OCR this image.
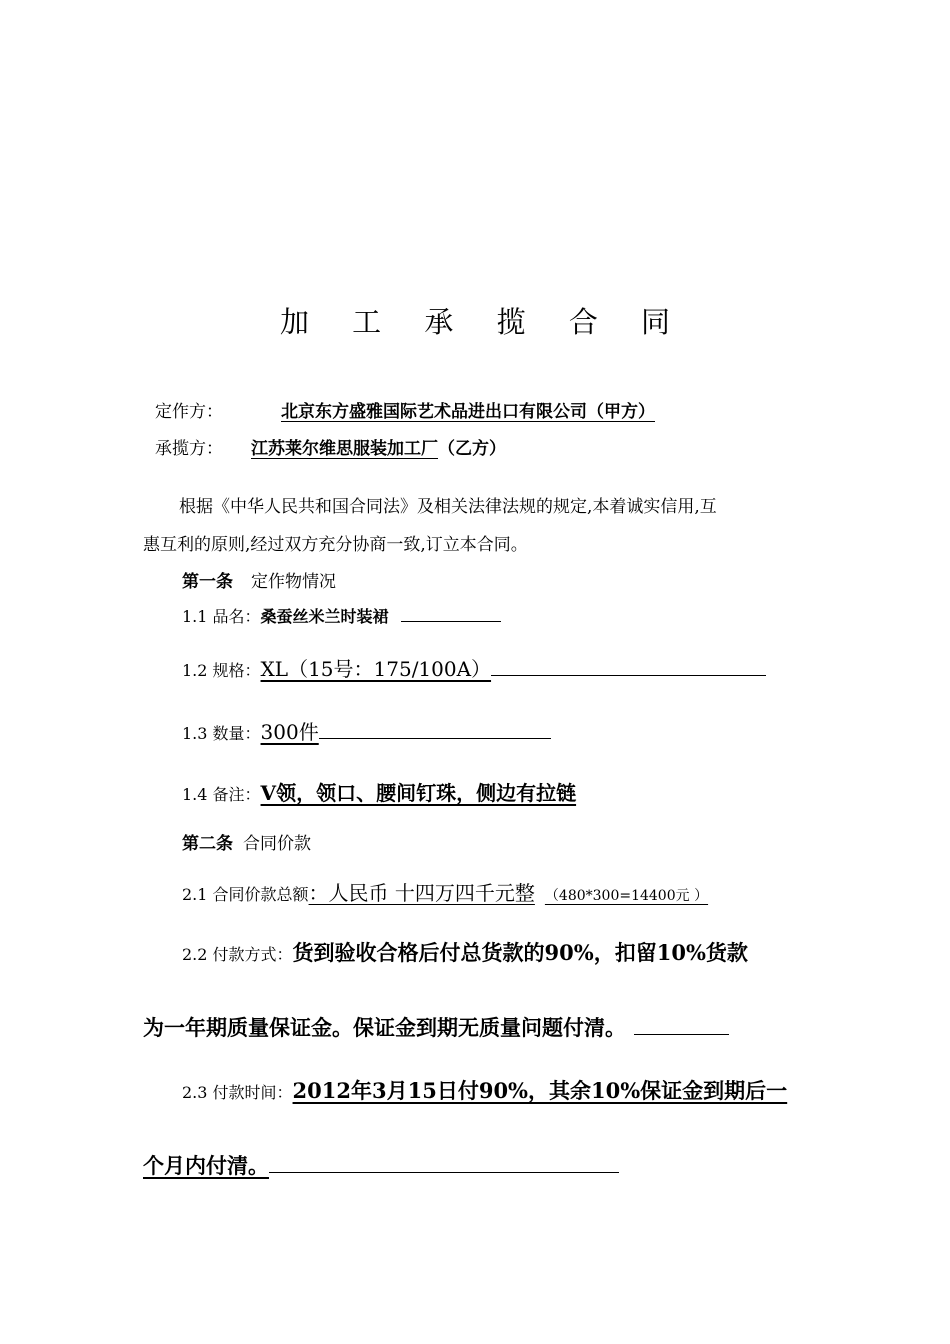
加 工 承 揽 合 同
定作方：	北京东方盛雅国际艺术品进出口有限公司（甲方）
承揽方： 江苏莱尔维思服装加工厂（乙方）
根据《中华人民共和国合同法》及相关法律法规的规定,本着诚实信用,互
惠互利的原则,经过双方充分协商一致,订立本合同。
第一条 定作物情况
1.1 品名：桑蚕丝米兰时装裙
1.2 规格：XL（15号：175/100A）
1.3 数量：300件
1.4 备注：V领，领口、腰间钉珠，侧边有拉链
第二条 合同价款
2.1 合同价款总额：人民币 十四万四千元整 （480*300=14400元 ）
2.2 付款方式：货到验收合格后付总货款的90%，扣留10%货款
为一年期质量保证金。保证金到期无质量问题付清。
2.3 付款时间：2012年3月15日付90%，其余10%保证金到期后一
个月内付清。
